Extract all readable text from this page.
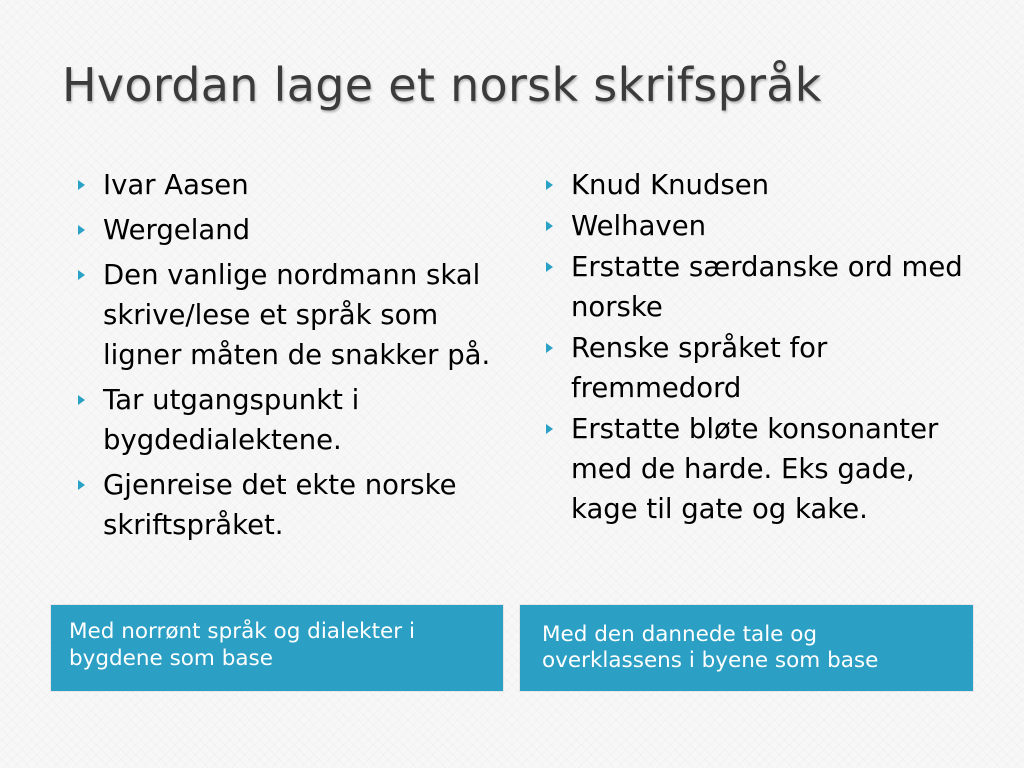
Hvordan lage et norsk skrifspråk
Ivar Aasen
Wergeland
Den vanlige nordmann skal skrive/lese et språk som ligner måten de snakker på.
Tar utgangspunkt i bygdedialektene.
Gjenreise det ekte norske skriftspråket.
Knud Knudsen
Welhaven
Erstatte særdanske ord med norske
Renske språket for fremmedord
Erstatte bløte konsonanter med de harde. Eks gade, kage til gate og kake.
Med norrønt språk og dialekter i bygdene som base
Med den dannede tale og overklassens i byene som base
